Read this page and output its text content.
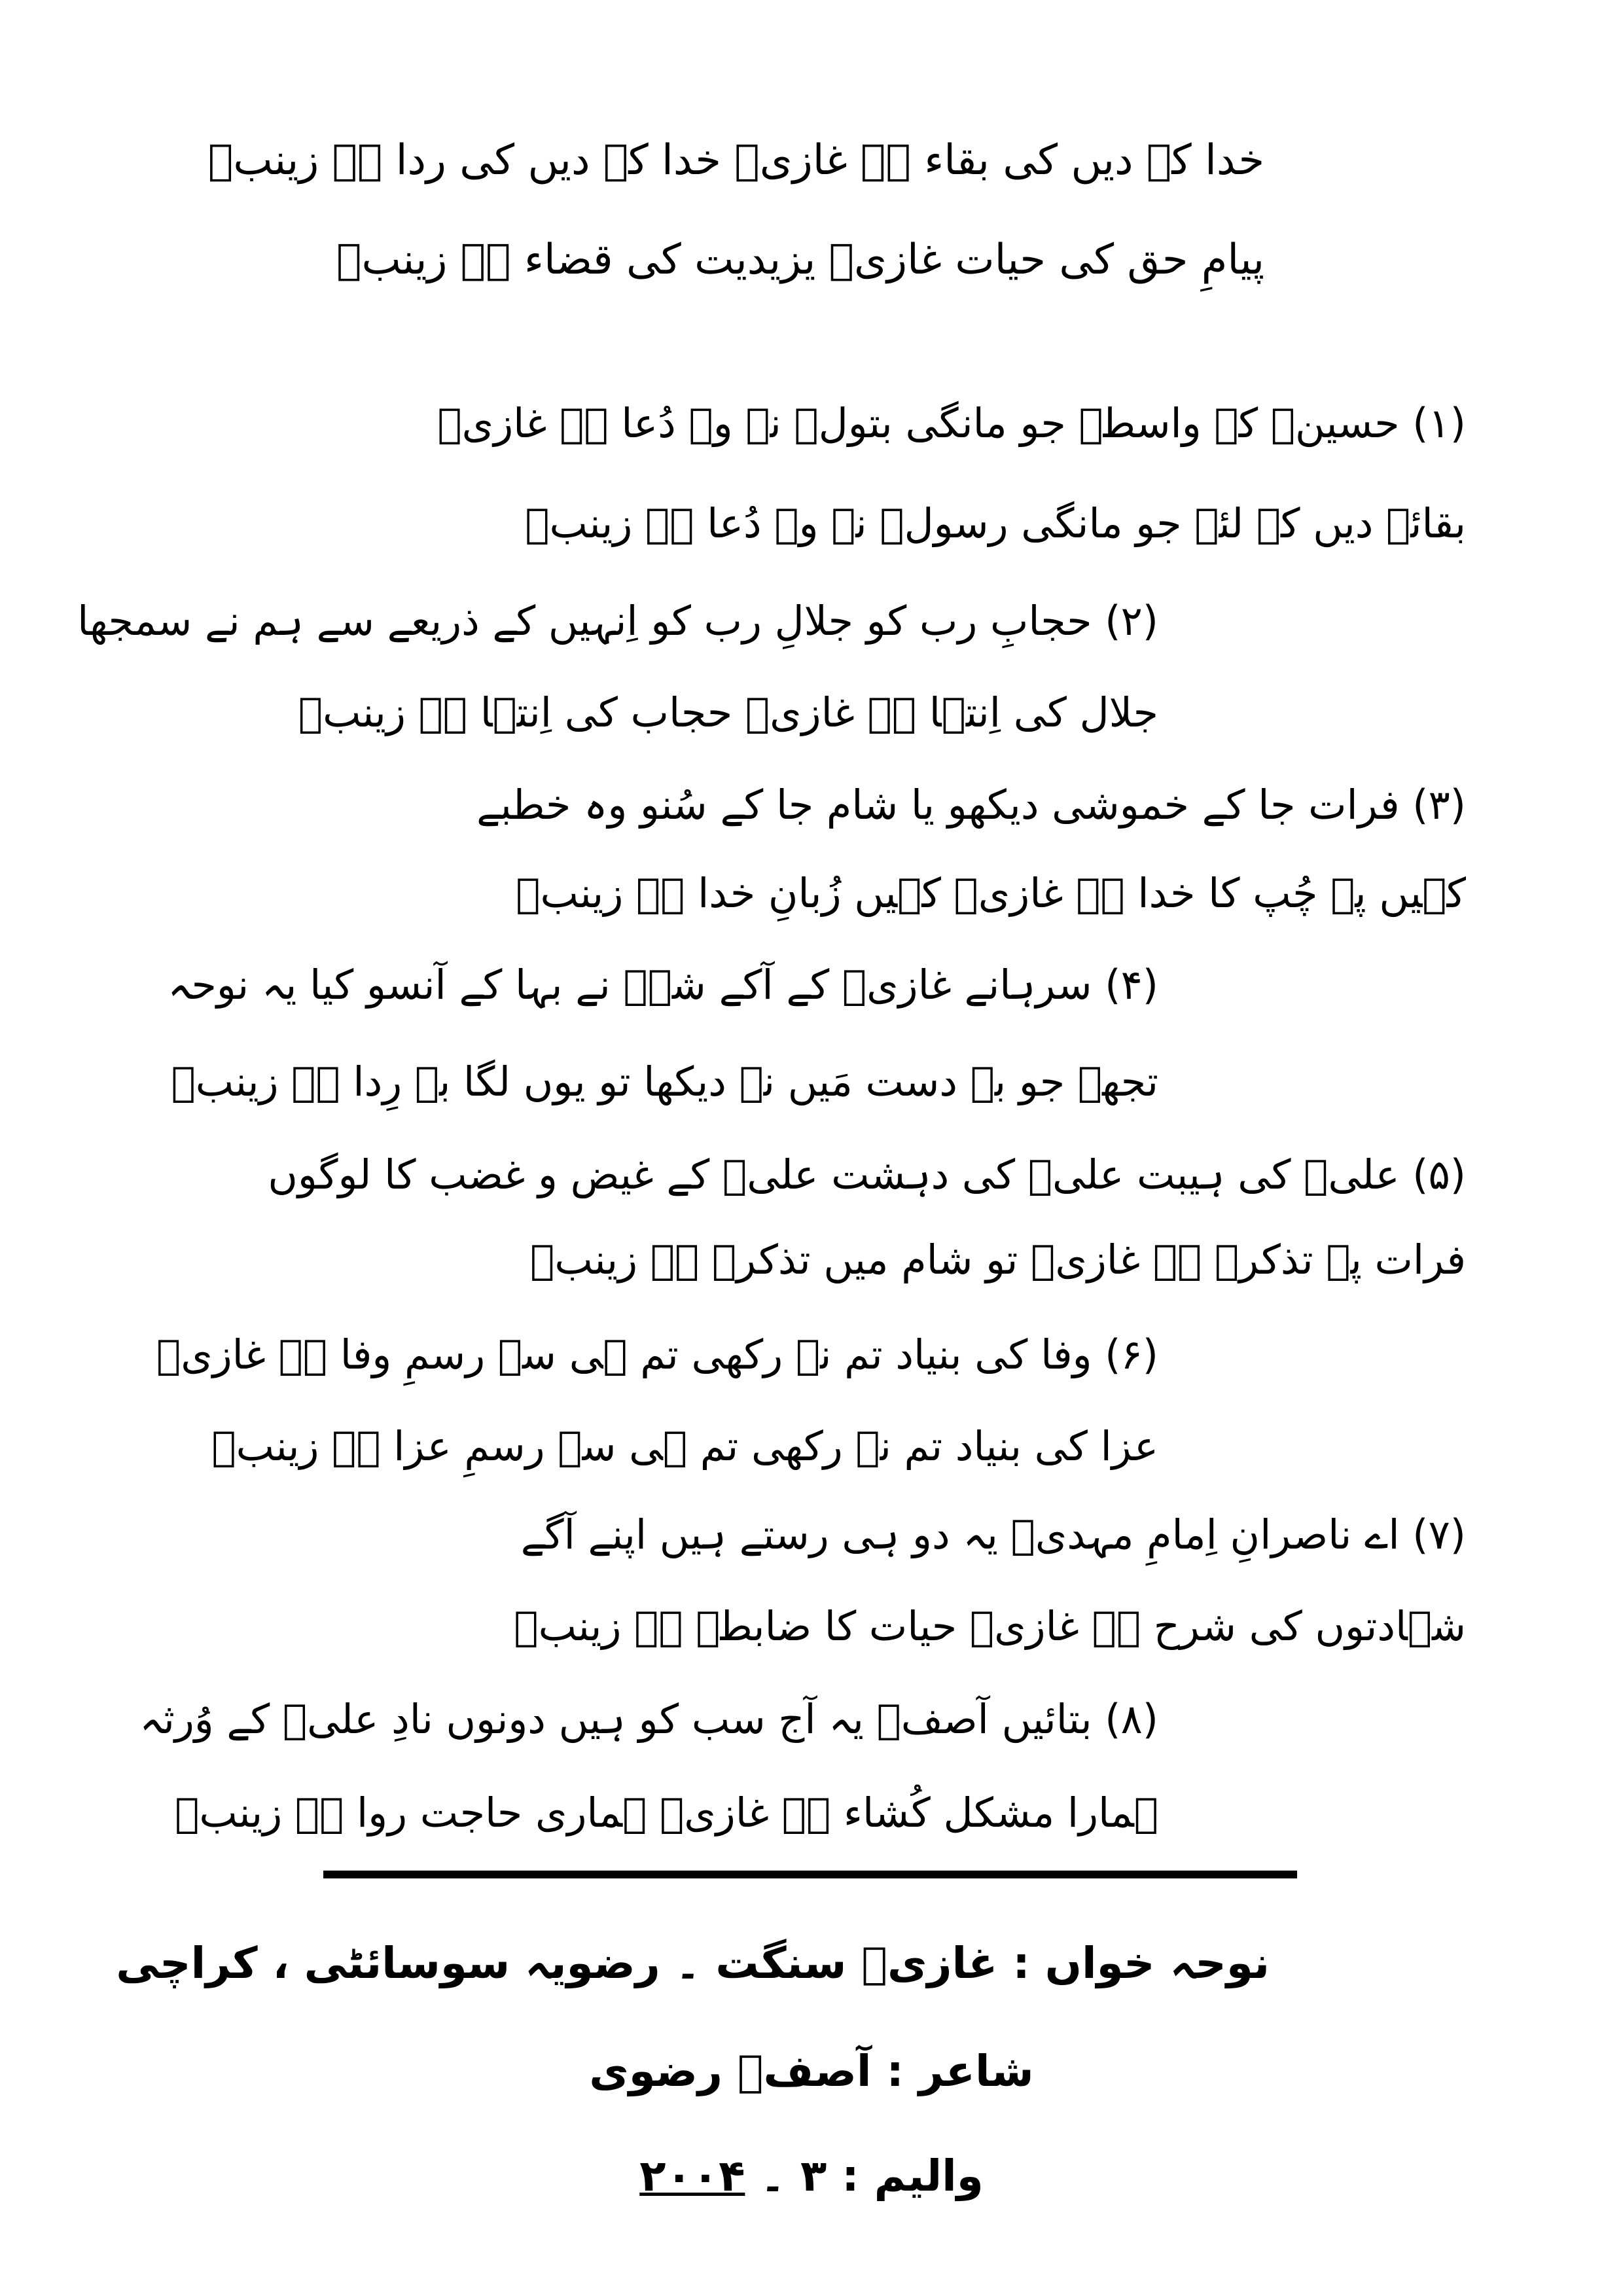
خدا کے دیں کی بقاء ہے غازیؑ خدا کے دیں کی ردا ہے زینبؑ
پیامِ حق کی حیات غازیؑ یزیدیت کی قضاء ہے زینبؑ
(۱) حسینؑ کے واسطے جو مانگی بتولؑ نے وہ دُعا ہے غازیؑ
بقائے دیں کے لئے جو مانگی رسولؐ نے وہ دُعا ہے زینبؑ
(۲) حجابِ رب کو جلالِ رب کو اِنہیں کے ذریعے سے ہم نے سمجھا
جلال کی اِنتہا ہے غازیؑ حجاب کی اِنتہا ہے زینبؑ
(۳) فرات جا کے خموشی دیکھو یا شام جا کے سُنو وہ خطبے
کہیں پہ چُپ کا خدا ہے غازیؑ کہیں زُبانِ خدا ہے زینبؑ
(۴) سرہانے غازیؑ کے آکے شہؑ نے بہا کے آنسو کیا یہ نوحہ
تجھے جو بے دست مَیں نے دیکھا تو یوں لگا بے رِدا ہے زینبؑ
(۵) علیؑ کی ہیبت علیؑ کی دہشت علیؑ کے غیض و غضب کا لوگوں
فرات پہ تذکرہ ہے غازیؑ تو شام میں تذکرہ ہے زینبؑ
(۶) وفا کی بنیاد تم نے رکھی تم ہی سے رسمِ وفا ہے غازیؑ
عزا کی بنیاد تم نے رکھی تم ہی سے رسمِ عزا ہے زینبؑ
(۷) اے ناصرانِ اِمامِ مہدیؑ یہ دو ہی رستے ہیں اپنے آگے
شہادتوں کی شرح ہے غازیؑ حیات کا ضابطہ ہے زینبؑ
(۸) بتائیں آصفؔ یہ آج سب کو ہیں دونوں نادِ علیؑ کے وُرثہ
ہمارا مشکل کُشاء ہے غازیؑ ہماری حاجت روا ہے زینبؑ
نوحہ خواں : غازیؑ سنگت ۔ رضویہ سوسائٹی ، کراچی
شاعر : آصفؔ رضوی
والیم : ۳ ۔ ۲۰۰۴
